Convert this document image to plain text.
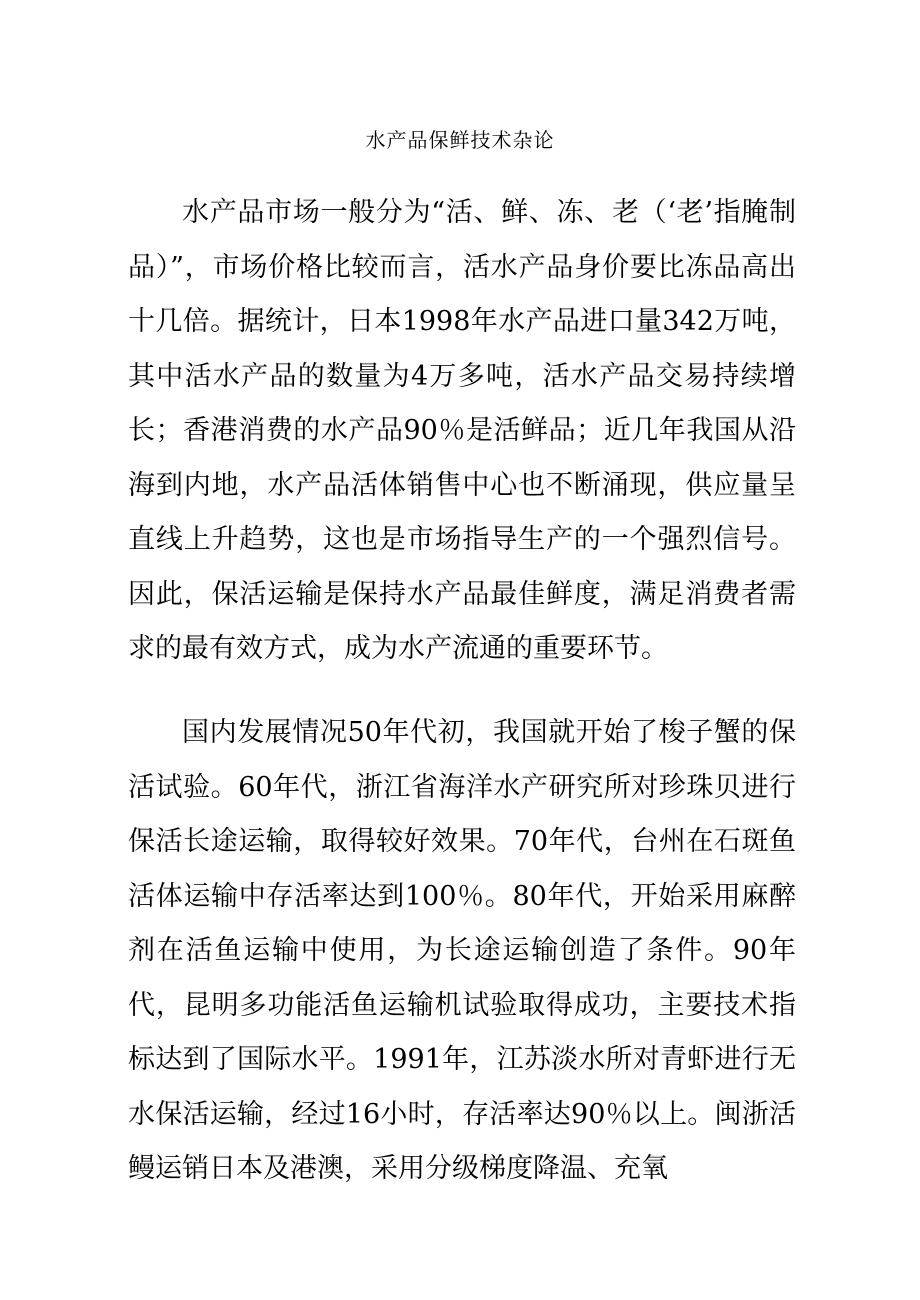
水产品保鲜技术杂论

水产品市场一般分为“活、鲜、冻、老（‘老’指腌制品）”，市场价格比较而言，活水产品身价要比冻品高出十几倍。据统计，日本1998年水产品进口量342万吨，其中活水产品的数量为4万多吨，活水产品交易持续增长；香港消费的水产品90％是活鲜品；近几年我国从沿海到内地，水产品活体销售中心也不断涌现，供应量呈直线上升趋势，这也是市场指导生产的一个强烈信号。因此，保活运输是保持水产品最佳鲜度，满足消费者需求的最有效方式，成为水产流通的重要环节。

国内发展情况50年代初，我国就开始了梭子蟹的保活试验。60年代，浙江省海洋水产研究所对珍珠贝进行保活长途运输，取得较好效果。70年代，台州在石斑鱼活体运输中存活率达到100％。80年代，开始采用麻醉剂在活鱼运输中使用，为长途运输创造了条件。90年代，昆明多功能活鱼运输机试验取得成功，主要技术指标达到了国际水平。1991年，江苏淡水所对青虾进行无水保活运输，经过16小时，存活率达90％以上。闽浙活鳗运销日本及港澳，采用分级梯度降温、充氧
